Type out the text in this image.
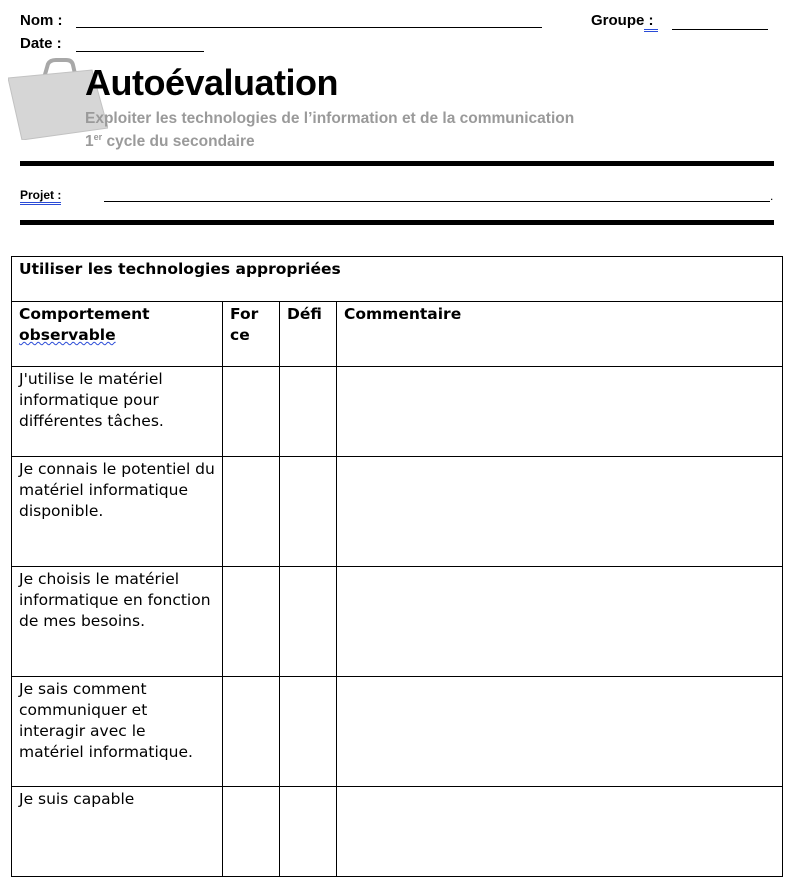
Nom :	Groupe :
Date :
Autoévaluation
Exploiter les technologies de l’information et de la communication
1er cycle du secondaire
Projet :	.
Utiliser les technologies appropriées			
Comportement
observable	For ce	Défi	Commentaire
J'utilise le matériel informatique pour différentes tâches.			
Je connais le potentiel du matériel informatique disponible.			
Je choisis le matériel informatique en fonction de mes besoins.			
Je sais comment communiquer et interagir avec le matériel informatique.			
Je suis capable			
